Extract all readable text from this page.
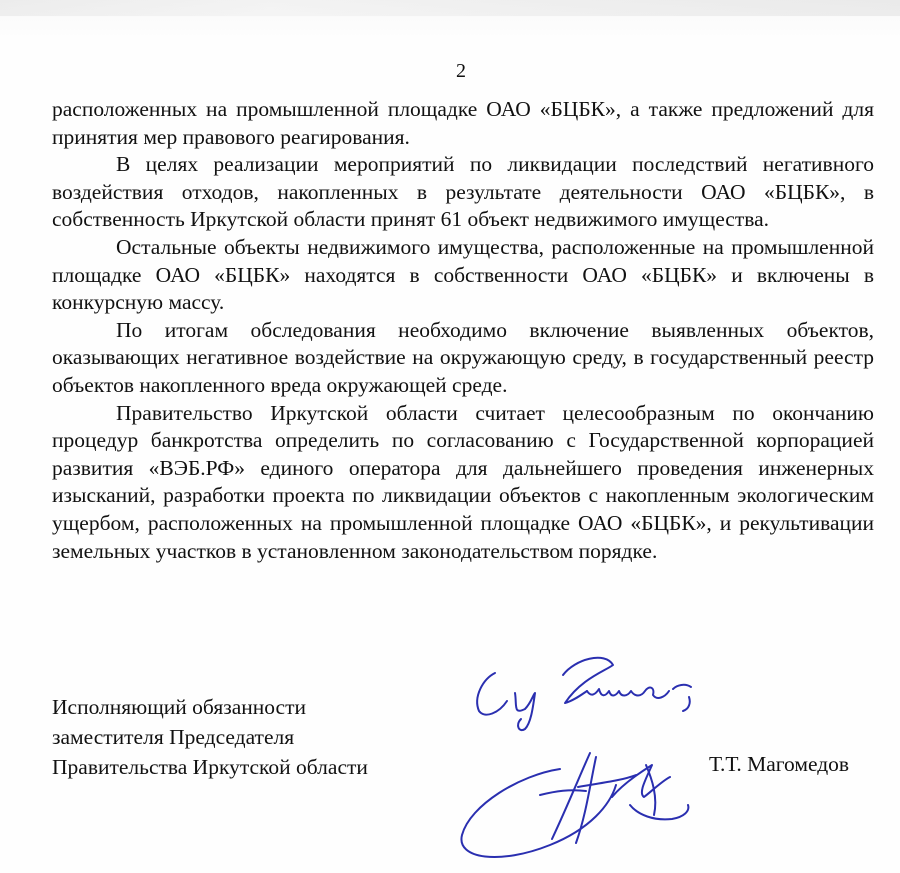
2

расположенных на промышленной площадке ОАО «БЦБК», а также предложений для принятия мер правового реагирования.

В целях реализации мероприятий по ликвидации последствий негативного воздействия отходов, накопленных в результате деятельности ОАО «БЦБК», в собственность Иркутской области принят 61 объект недвижимого имущества.

Остальные объекты недвижимого имущества, расположенные на промышленной площадке ОАО «БЦБК» находятся в собственности ОАО «БЦБК» и включены в конкурсную массу.

По итогам обследования необходимо включение выявленных объектов, оказывающих негативное воздействие на окружающую среду, в государственный реестр объектов накопленного вреда окружающей среде.

Правительство Иркутской области считает целесообразным по окончанию процедур банкротства определить по согласованию с Государственной корпорацией развития «ВЭБ.РФ» единого оператора для дальнейшего проведения инженерных изысканий, разработки проекта по ликвидации объектов с накопленным экологическим ущербом, расположенных на промышленной площадке ОАО «БЦБК», и рекультивации земельных участков в установленном законодательством порядке.

Исполняющий обязанности
заместителя Председателя
Правительства Иркутской области	Т.Т. Магомедов
